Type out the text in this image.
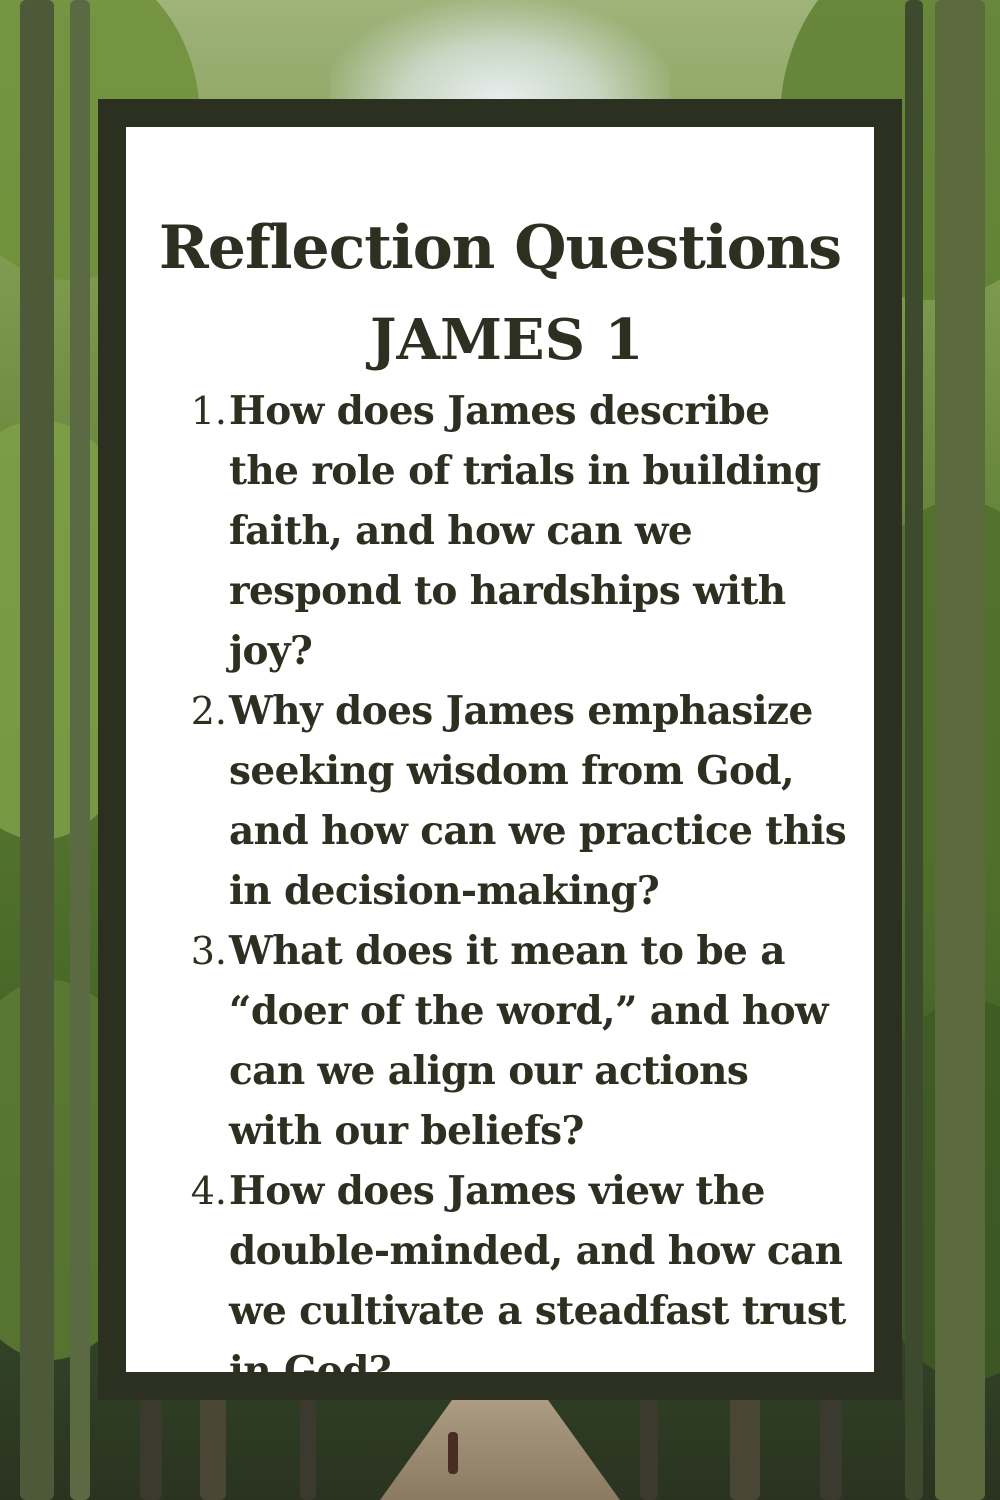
Reflection Questions
JAMES 1
1. How does James describe the role of trials in building faith, and how can we respond to hardships with joy?
2. Why does James emphasize seeking wisdom from God, and how can we practice this in decision-making?
3. What does it mean to be a “doer of the word,” and how can we align our actions with our beliefs?
4. How does James view the double-minded, and how can we cultivate a steadfast trust in God?
